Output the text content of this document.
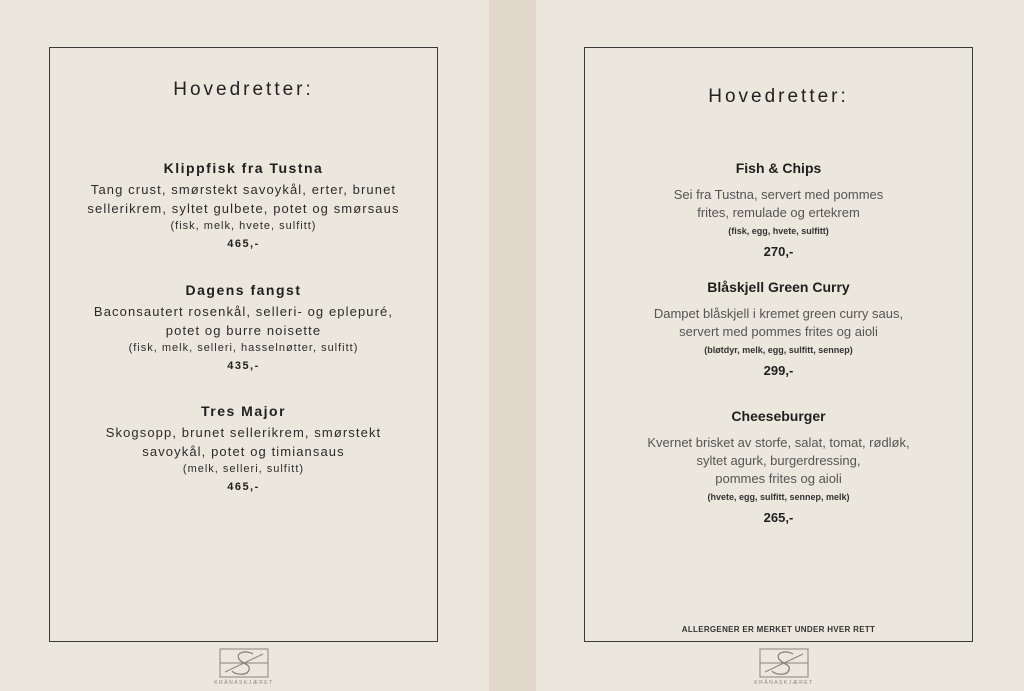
Hovedretter:
Klippfisk fra Tustna
Tang crust, smørstekt savoykål, erter, brunet
sellerikrem, syltet gulbete, potet og smørsaus
(fisk, melk, hvete, sulfitt)
465,-
Dagens fangst
Baconsautert rosenkål, selleri- og eplepuré,
potet og burre noisette
(fisk, melk, selleri, hasselnøtter, sulfitt)
435,-
Tres Major
Skogsopp, brunet sellerikrem, smørstekt
savoykål, potet og timiansaus
(melk, selleri, sulfitt)
465,-
KRÅNASKJÆRET
Hovedretter:
Fish & Chips
Sei fra Tustna, servert med pommes
frites, remulade og ertekrem
(fisk, egg, hvete, sulfitt)
270,-
Blåskjell Green Curry
Dampet blåskjell i kremet green curry saus,
servert med pommes frites og aioli
(bløtdyr, melk, egg, sulfitt, sennep)
299,-
Cheeseburger
Kvernet brisket av storfe, salat, tomat, rødløk,
syltet agurk, burgerdressing,
pommes frites og aioli
(hvete, egg, sulfitt, sennep, melk)
265,-
ALLERGENER ER MERKET UNDER HVER RETT
KRÅNASKJÆRET
